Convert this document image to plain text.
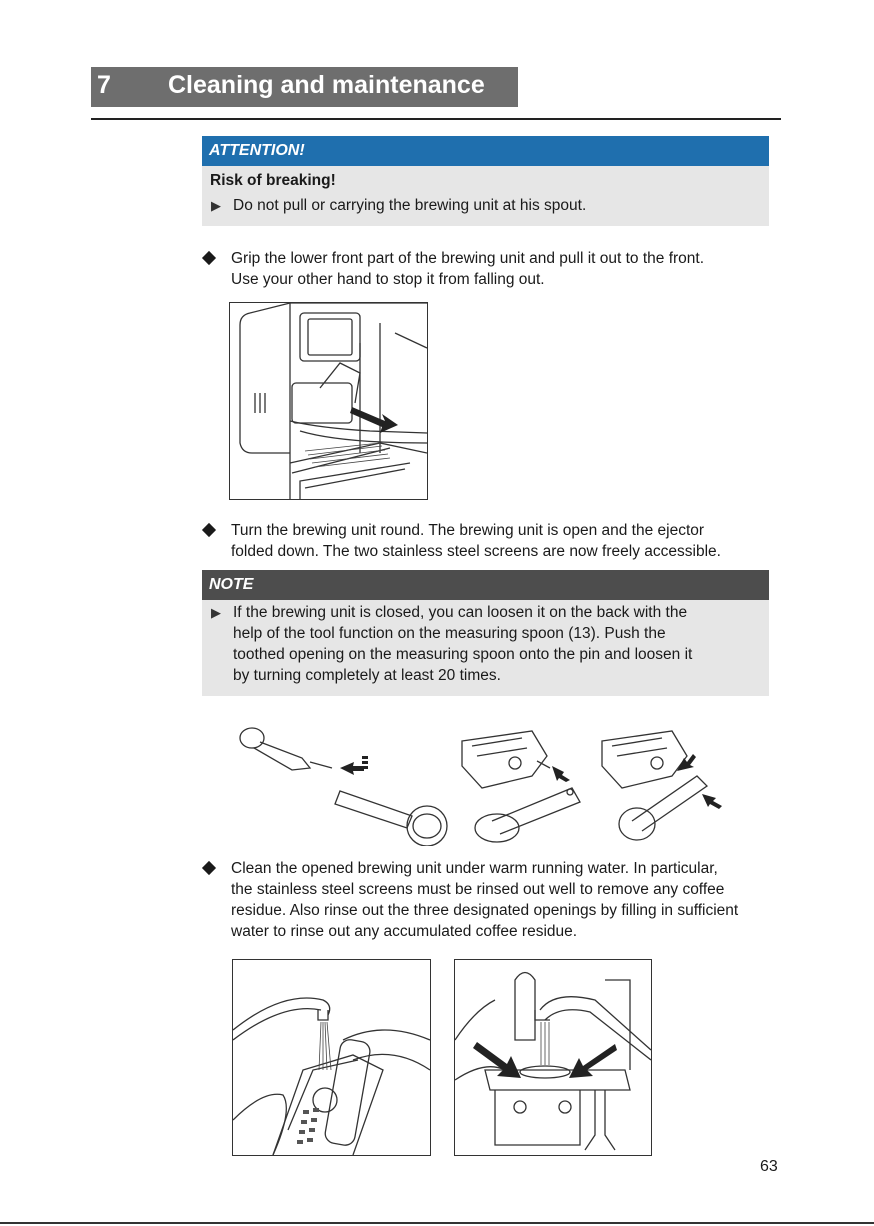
7 Cleaning and maintenance
ATTENTION!
Risk of breaking!
▶ Do not pull or carrying the brewing unit at his spout.
Grip the lower front part of the brewing unit and pull it out to the front.
Use your other hand to stop it from falling out.
Turn the brewing unit round. The brewing unit is open and the ejector
folded down. The two stainless steel screens are now freely accessible.
NOTE
▶ If the brewing unit is closed, you can loosen it on the back with the
help of the tool function on the measuring spoon (13). Push the
toothed opening on the measuring spoon onto the pin and loosen it
by turning completely at least 20 times.
Clean the opened brewing unit under warm running water. In particular,
the stainless steel screens must be rinsed out well to remove any coffee
residue. Also rinse out the three designated openings by filling in sufficient
water to rinse out any accumulated coffee residue.
63
